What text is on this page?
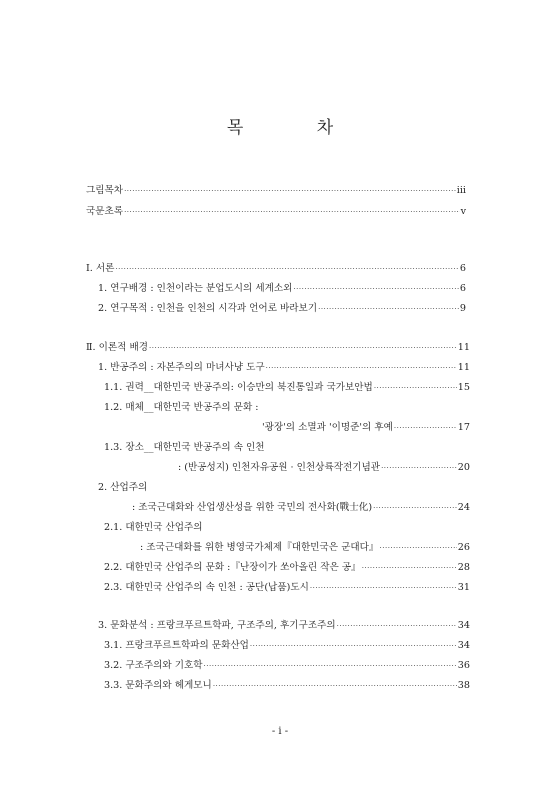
목 차
그림목차 ·····	iii
국문초록 ·····	v
Ⅰ. 서론 ·····	6
1. 연구배경 : 인천이라는 분업도시의 세계소외 ·····	6
2. 연구목적 : 인천을 인천의 시각과 언어로 바라보기 ·····	9
Ⅱ. 이론적 배경 ·····	11
1. 반공주의 : 자본주의의 마녀사냥 도구 ·····	11
1.1. 권력__대한민국 반공주의: 이승만의 북진통일과 국가보안법 ·····	15
1.2. 매체__대한민국 반공주의 문화 :
'광장'의 소멸과 '이명준'의 후예 ·····	17
1.3. 장소__대한민국 반공주의 속 인천
: (반공성지) 인천자유공원 · 인천상륙작전기념관 ·····	20
2. 산업주의
: 조국근대화와 산업생산성을 위한 국민의 전사화(戰士化) ·····	24
2.1. 대한민국 산업주의
: 조국근대화를 위한 병영국가체제『대한민국은 군대다』 ·····	26
2.2. 대한민국 산업주의 문화 :『난장이가 쏘아올린 작은 공』 ·····	28
2.3. 대한민국 산업주의 속 인천 : 공단(납품)도시 ·····	31
3. 문화분석 : 프랑크푸르트학파, 구조주의, 후기구조주의 ·····	34
3.1. 프랑크푸르트학파의 문화산업 ·····	34
3.2. 구조주의와 기호학 ·····	36
3.3. 문화주의와 헤게모니 ·····	38
- i -
